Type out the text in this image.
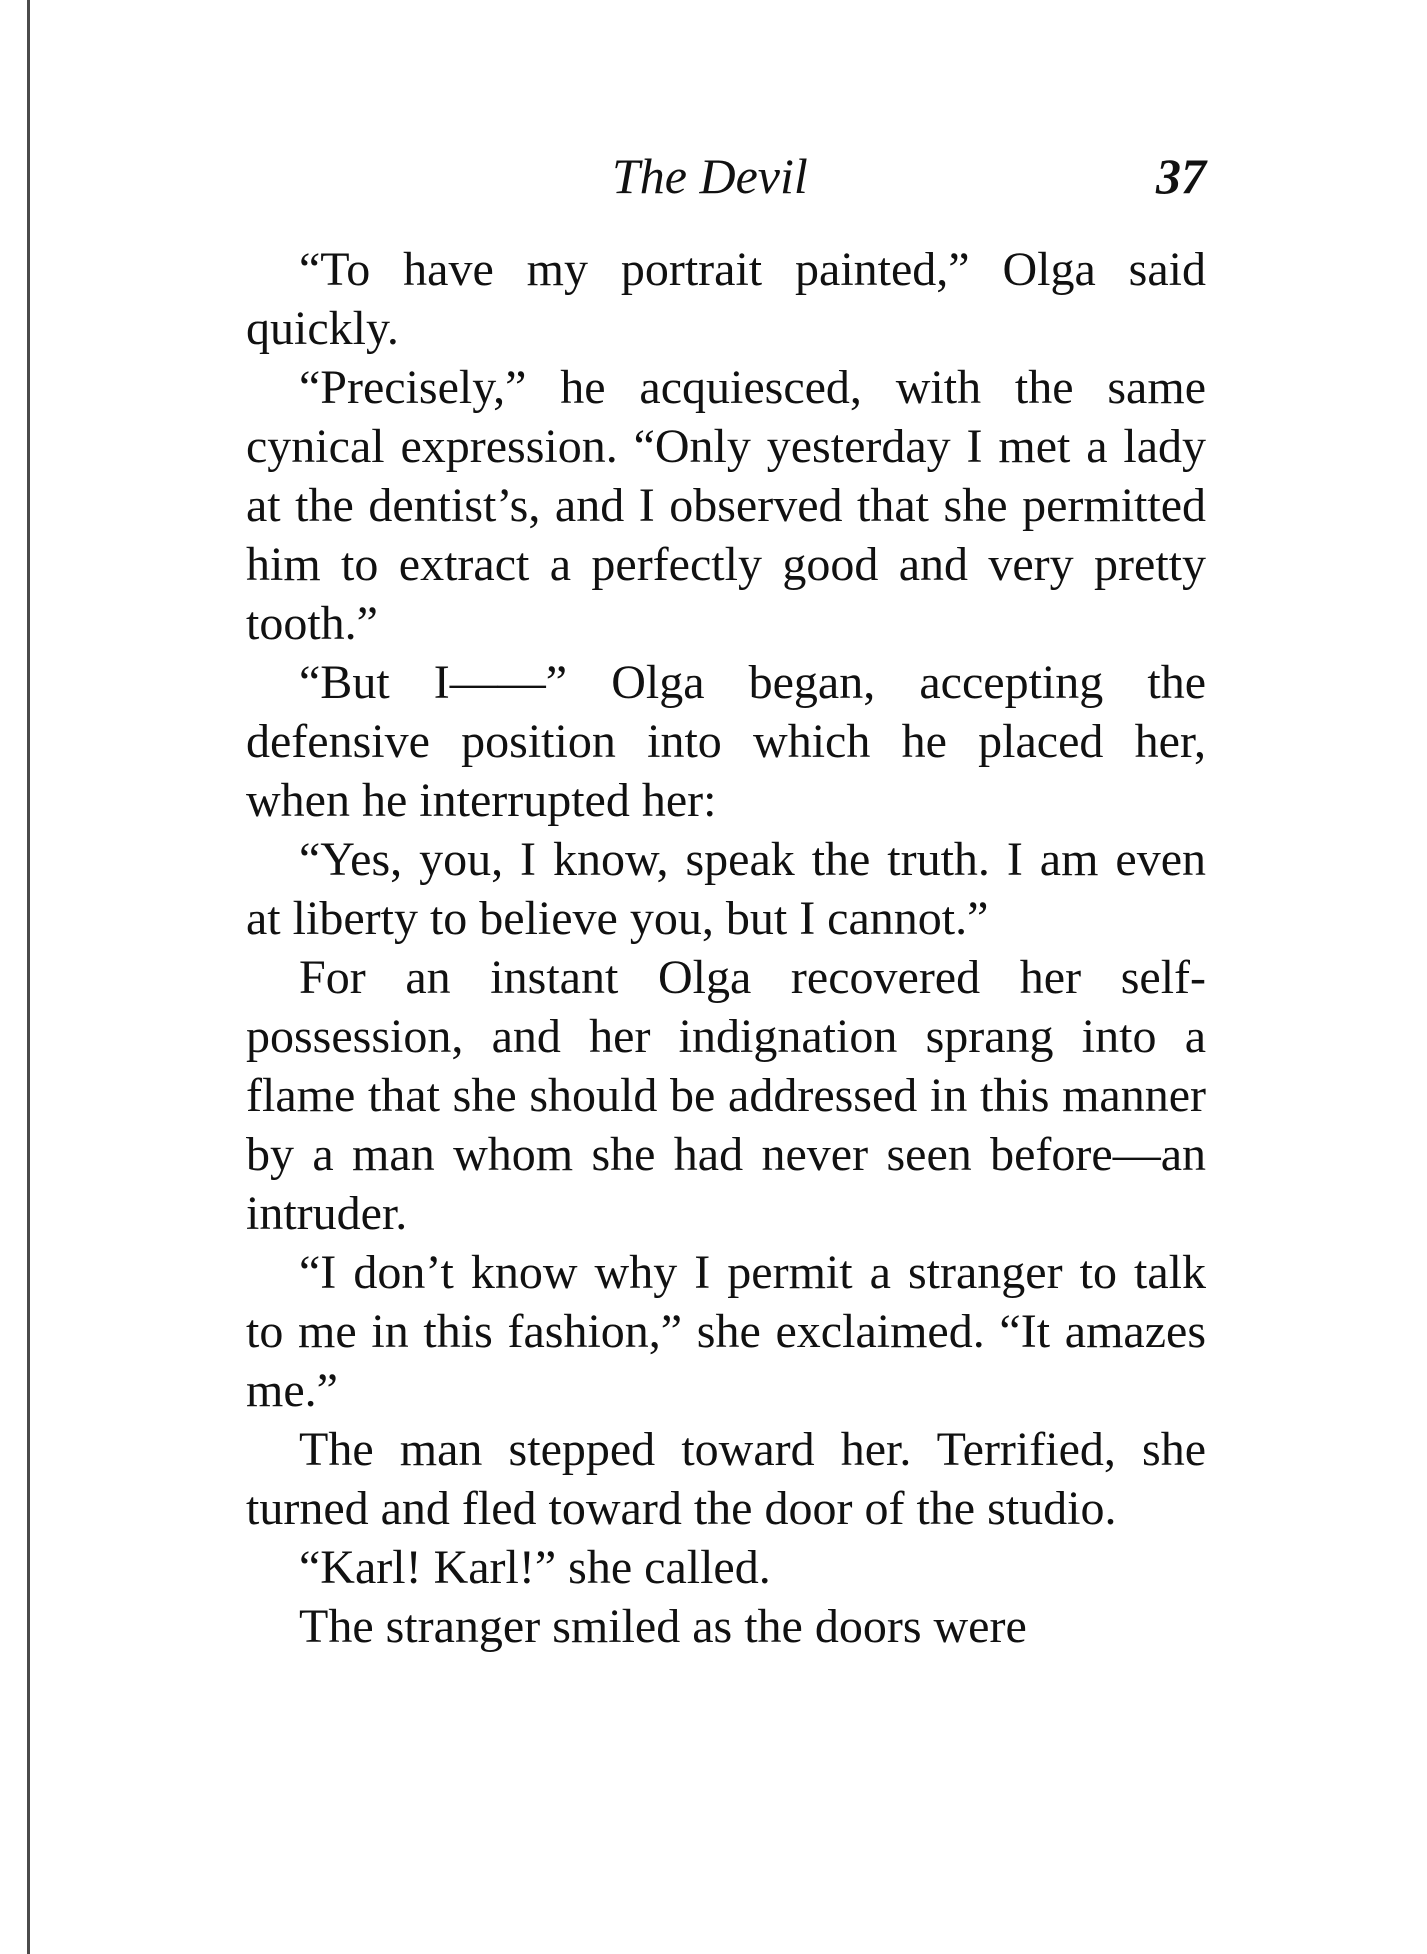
The Devil	37

“To have my portrait painted,” Olga said quickly.

“Precisely,” he acquiesced, with the same cynical expression. “Only yesterday I met a lady at the dentist’s, and I observed that she permitted him to extract a perfectly good and very pretty tooth.”

“But I——” Olga began, accepting the defensive position into which he placed her, when he interrupted her:

“Yes, you, I know, speak the truth. I am even at liberty to believe you, but I cannot.”

For an instant Olga recovered her self-possession, and her indignation sprang into a flame that she should be addressed in this manner by a man whom she had never seen before—an intruder.

“I don’t know why I permit a stranger to talk to me in this fashion,” she exclaimed. “It amazes me.”

The man stepped toward her. Terrified, she turned and fled toward the door of the studio.

“Karl! Karl!” she called.

The stranger smiled as the doors were
